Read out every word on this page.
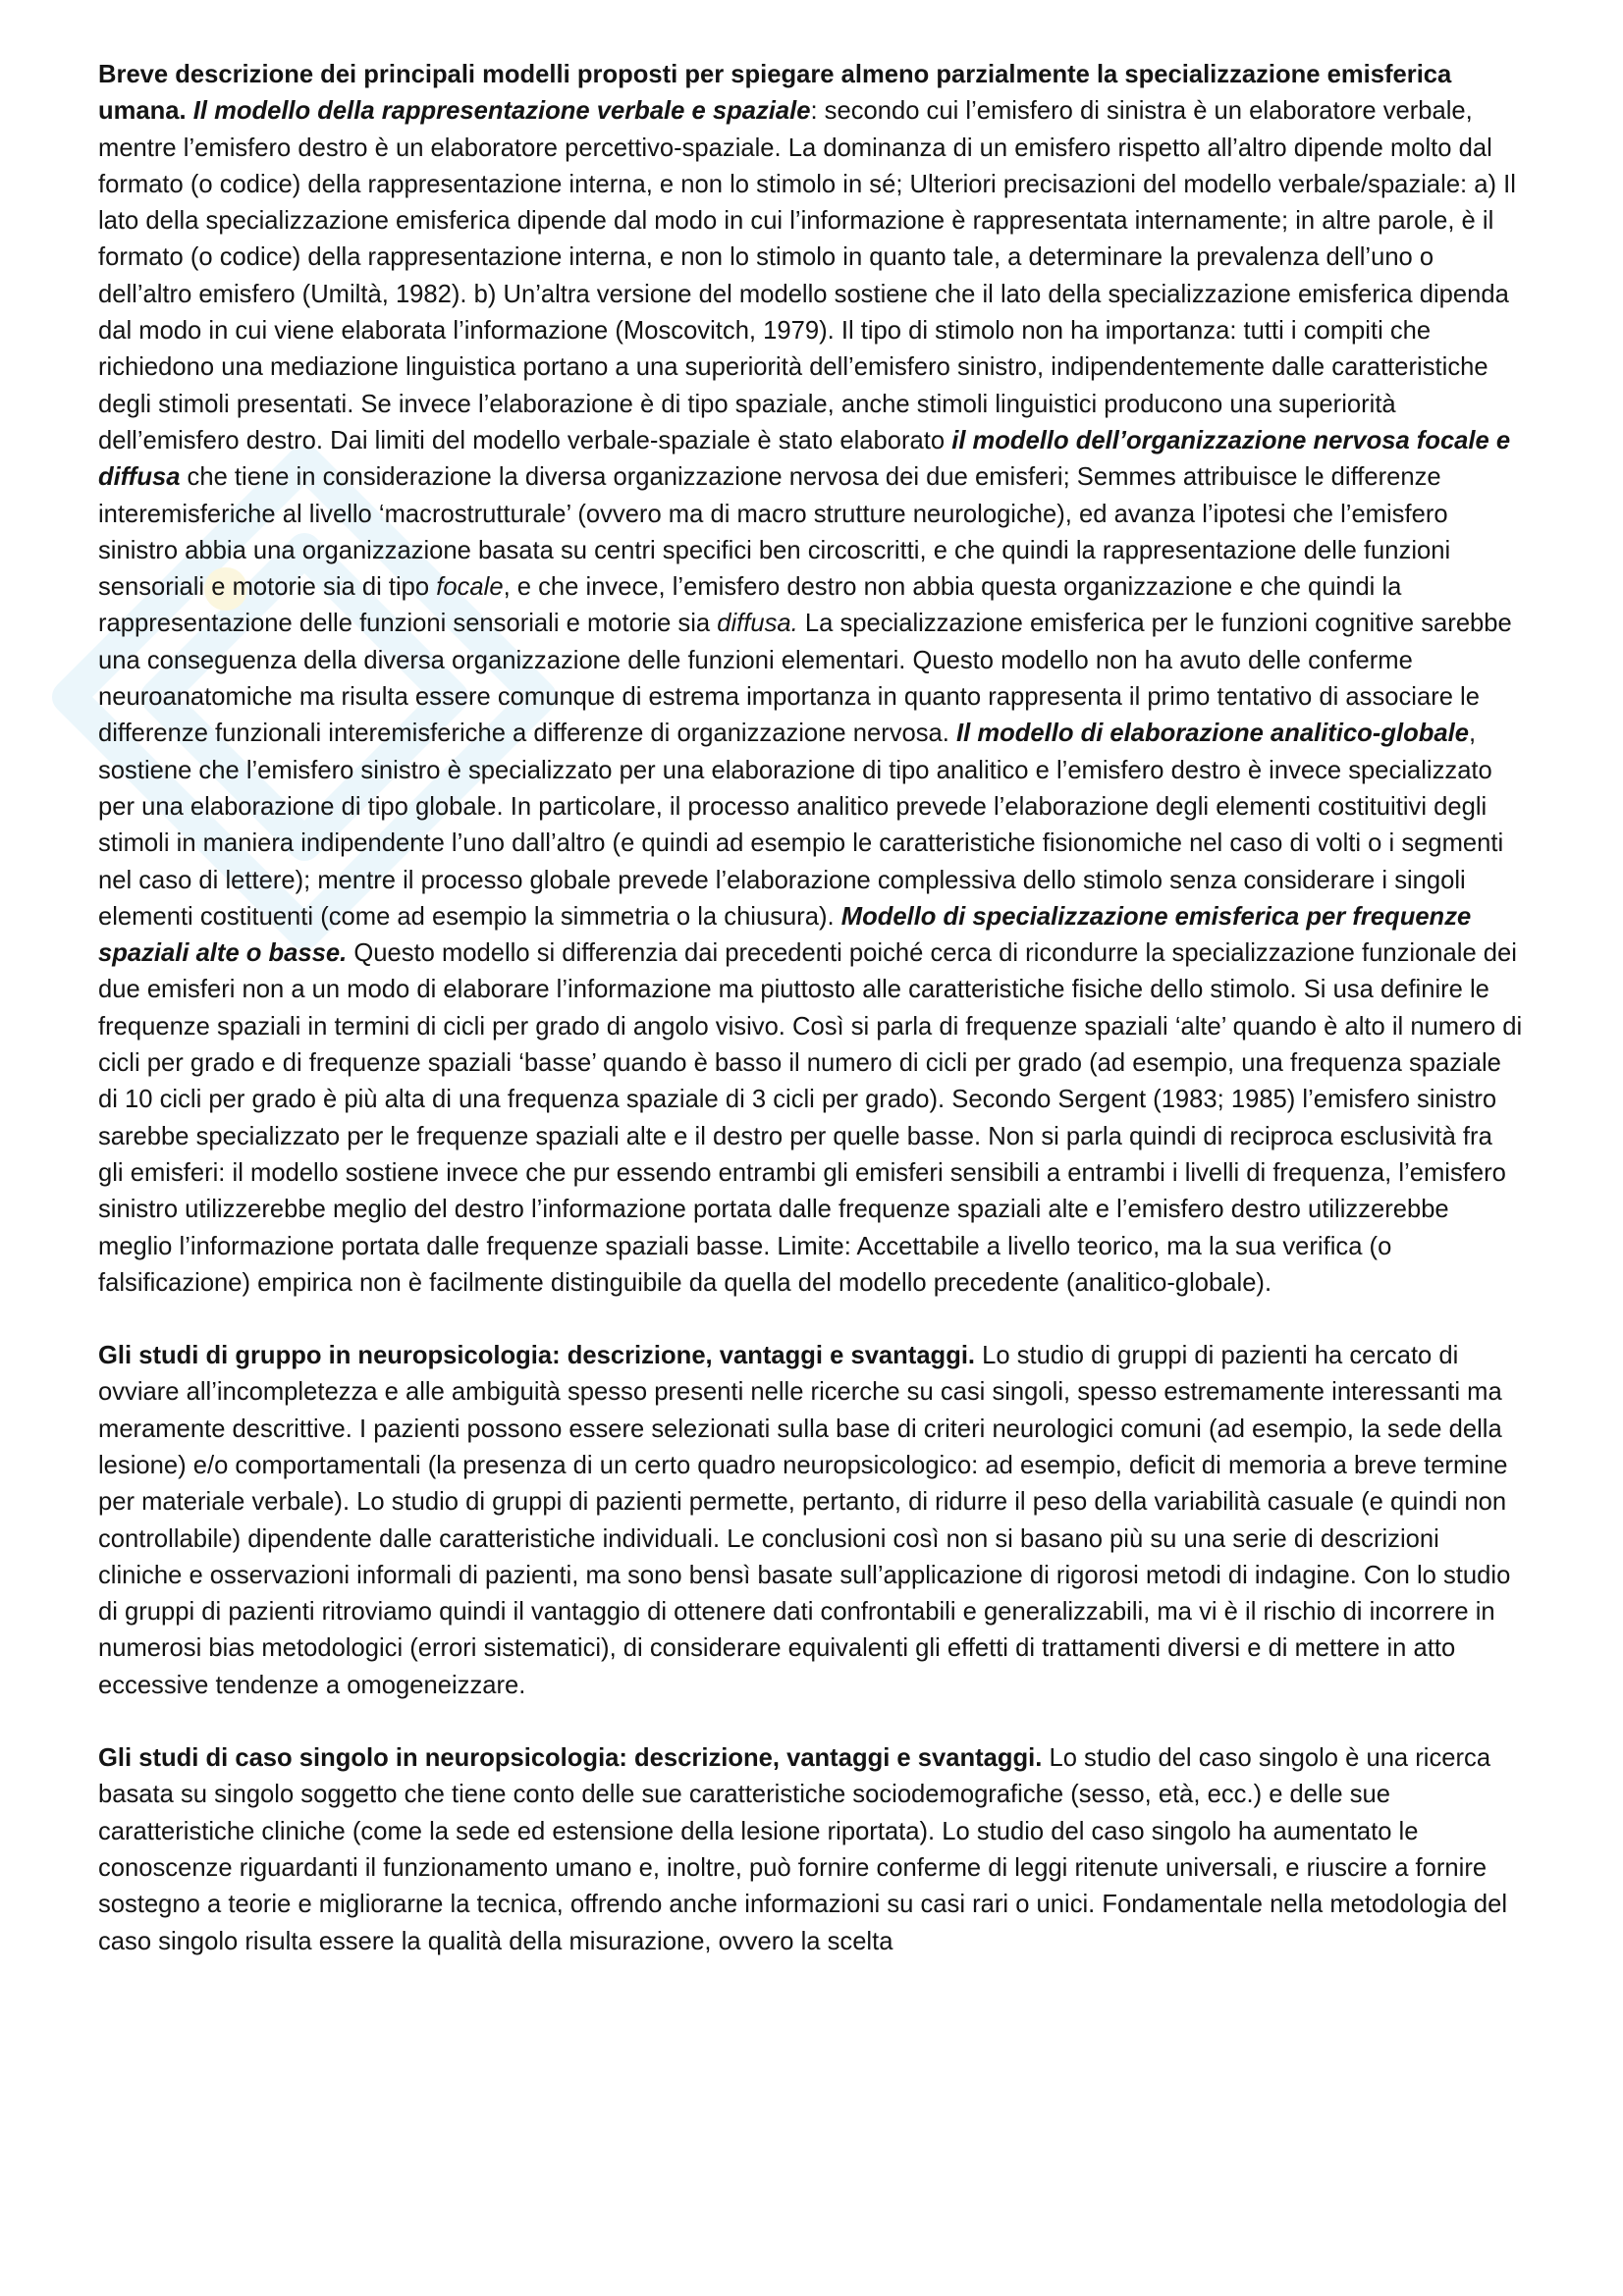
Breve descrizione dei principali modelli proposti per spiegare almeno parzialmente la specializzazione emisferica umana. Il modello della rappresentazione verbale e spaziale: secondo cui l’emisfero di sinistra è un elaboratore verbale, mentre l’emisfero destro è un elaboratore percettivo-spaziale. La dominanza di un emisfero rispetto all’altro dipende molto dal formato (o codice) della rappresentazione interna, e non lo stimolo in sé; Ulteriori precisazioni del modello verbale/spaziale: a) Il lato della specializzazione emisferica dipende dal modo in cui l’informazione è rappresentata internamente; in altre parole, è il formato (o codice) della rappresentazione interna, e non lo stimolo in quanto tale, a determinare la prevalenza dell’uno o dell’altro emisfero (Umiltà, 1982). b) Un’altra versione del modello sostiene che il lato della specializzazione emisferica dipenda dal modo in cui viene elaborata l’informazione (Moscovitch, 1979). Il tipo di stimolo non ha importanza: tutti i compiti che richiedono una mediazione linguistica portano a una superiorità dell’emisfero sinistro, indipendentemente dalle caratteristiche degli stimoli presentati. Se invece l’elaborazione è di tipo spaziale, anche stimoli linguistici producono una superiorità dell’emisfero destro. Dai limiti del modello verbale-spaziale è stato elaborato il modello dell’organizzazione nervosa focale e diffusa che tiene in considerazione la diversa organizzazione nervosa dei due emisferi; Semmes attribuisce le differenze interemisferiche al livello ‘macrostrutturale’ (ovvero ma di macro strutture neurologiche), ed avanza l’ipotesi che l’emisfero sinistro abbia una organizzazione basata su centri specifici ben circoscritti, e che quindi la rappresentazione delle funzioni sensoriali e motorie sia di tipo focale, e che invece, l’emisfero destro non abbia questa organizzazione e che quindi la rappresentazione delle funzioni sensoriali e motorie sia diffusa. La specializzazione emisferica per le funzioni cognitive sarebbe una conseguenza della diversa organizzazione delle funzioni elementari. Questo modello non ha avuto delle conferme neuroanatomiche ma risulta essere comunque di estrema importanza in quanto rappresenta il primo tentativo di associare le differenze funzionali interemisferiche a differenze di organizzazione nervosa. Il modello di elaborazione analitico-globale, sostiene che l’emisfero sinistro è specializzato per una elaborazione di tipo analitico e l’emisfero destro è invece specializzato per una elaborazione di tipo globale. In particolare, il processo analitico prevede l’elaborazione degli elementi costituitivi degli stimoli in maniera indipendente l’uno dall’altro (e quindi ad esempio le caratteristiche fisionomiche nel caso di volti o i segmenti nel caso di lettere); mentre il processo globale prevede l’elaborazione complessiva dello stimolo senza considerare i singoli elementi costituenti (come ad esempio la simmetria o la chiusura). Modello di specializzazione emisferica per frequenze spaziali alte o basse. Questo modello si differenzia dai precedenti poiché cerca di ricondurre la specializzazione funzionale dei due emisferi non a un modo di elaborare l’informazione ma piuttosto alle caratteristiche fisiche dello stimolo. Si usa definire le frequenze spaziali in termini di cicli per grado di angolo visivo. Così si parla di frequenze spaziali ‘alte’ quando è alto il numero di cicli per grado e di frequenze spaziali ‘basse’ quando è basso il numero di cicli per grado (ad esempio, una frequenza spaziale di 10 cicli per grado è più alta di una frequenza spaziale di 3 cicli per grado). Secondo Sergent (1983; 1985) l’emisfero sinistro sarebbe specializzato per le frequenze spaziali alte e il destro per quelle basse. Non si parla quindi di reciproca esclusività fra gli emisferi: il modello sostiene invece che pur essendo entrambi gli emisferi sensibili a entrambi i livelli di frequenza, l’emisfero sinistro utilizzerebbe meglio del destro l’informazione portata dalle frequenze spaziali alte e l’emisfero destro utilizzerebbe meglio l’informazione portata dalle frequenze spaziali basse. Limite: Accettabile a livello teorico, ma la sua verifica (o falsificazione) empirica non è facilmente distinguibile da quella del modello precedente (analitico-globale).

Gli studi di gruppo in neuropsicologia: descrizione, vantaggi e svantaggi. Lo studio di gruppi di pazienti ha cercato di ovviare all’incompletezza e alle ambiguità spesso presenti nelle ricerche su casi singoli, spesso estremamente interessanti ma meramente descrittive. I pazienti possono essere selezionati sulla base di criteri neurologici comuni (ad esempio, la sede della lesione) e/o comportamentali (la presenza di un certo quadro neuropsicologico: ad esempio, deficit di memoria a breve termine per materiale verbale). Lo studio di gruppi di pazienti permette, pertanto, di ridurre il peso della variabilità casuale (e quindi non controllabile) dipendente dalle caratteristiche individuali. Le conclusioni così non si basano più su una serie di descrizioni cliniche e osservazioni informali di pazienti, ma sono bensì basate sull’applicazione di rigorosi metodi di indagine. Con lo studio di gruppi di pazienti ritroviamo quindi il vantaggio di ottenere dati confrontabili e generalizzabili, ma vi è il rischio di incorrere in numerosi bias metodologici (errori sistematici), di considerare equivalenti gli effetti di trattamenti diversi e di mettere in atto eccessive tendenze a omogeneizzare.

Gli studi di caso singolo in neuropsicologia: descrizione, vantaggi e svantaggi. Lo studio del caso singolo è una ricerca basata su singolo soggetto che tiene conto delle sue caratteristiche sociodemografiche (sesso, età, ecc.) e delle sue caratteristiche cliniche (come la sede ed estensione della lesione riportata). Lo studio del caso singolo ha aumentato le conoscenze riguardanti il funzionamento umano e, inoltre, può fornire conferme di leggi ritenute universali, e riuscire a fornire sostegno a teorie e migliorarne la tecnica, offrendo anche informazioni su casi rari o unici. Fondamentale nella metodologia del caso singolo risulta essere la qualità della misurazione, ovvero la scelta
